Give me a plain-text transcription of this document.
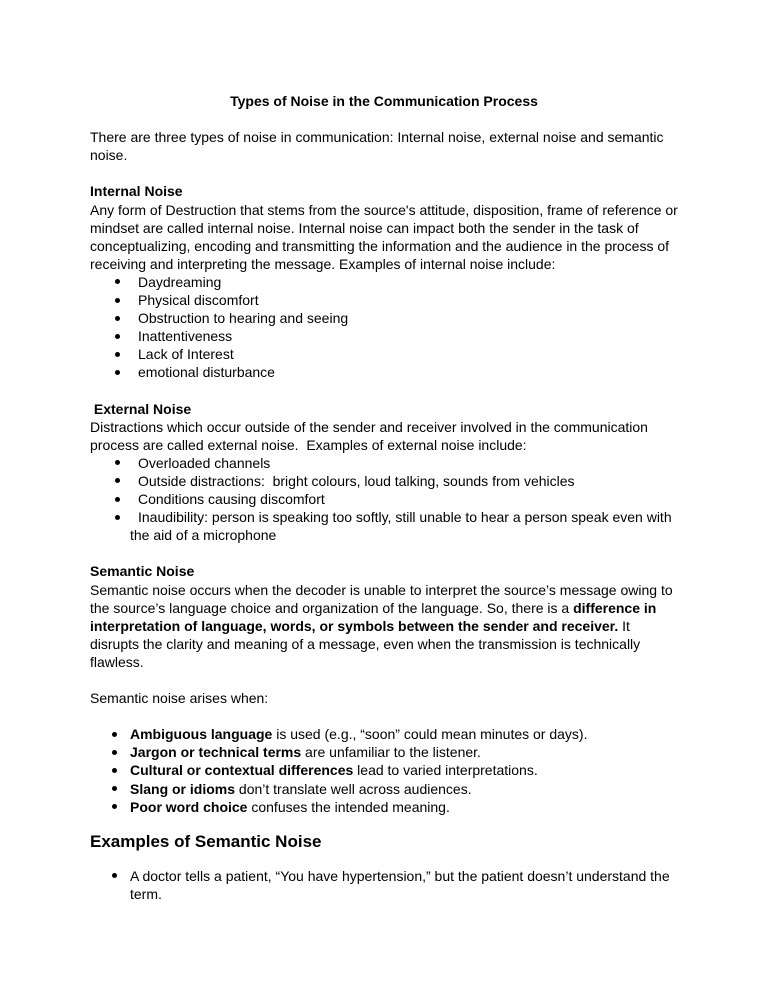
Types of Noise in the Communication Process

There are three types of noise in communication: Internal noise, external noise and semantic noise.

Internal Noise

Any form of Destruction that stems from the source's attitude, disposition, frame of reference or mindset are called internal noise. Internal noise can impact both the sender in the task of conceptualizing, encoding and transmitting the information and the audience in the process of receiving and interpreting the message. Examples of internal noise include:

Daydreaming
Physical discomfort
Obstruction to hearing and seeing
Inattentiveness
Lack of Interest
emotional disturbance
External Noise

Distractions which occur outside of the sender and receiver involved in the communication process are called external noise.  Examples of external noise include:

Overloaded channels
Outside distractions:  bright colours, loud talking, sounds from vehicles
Conditions causing discomfort
Inaudibility: person is speaking too softly, still unable to hear a person speak even with the aid of a microphone
Semantic Noise

Semantic noise occurs when the decoder is unable to interpret the source’s message owing to the source’s language choice and organization of the language. So, there is a difference in interpretation of language, words, or symbols between the sender and receiver. It disrupts the clarity and meaning of a message, even when the transmission is technically flawless.

Semantic noise arises when:

Ambiguous language is used (e.g., “soon” could mean minutes or days).
Jargon or technical terms are unfamiliar to the listener.
Cultural or contextual differences lead to varied interpretations.
Slang or idioms don’t translate well across audiences.
Poor word choice confuses the intended meaning.
Examples of Semantic Noise
A doctor tells a patient, “You have hypertension,” but the patient doesn’t understand the term.
